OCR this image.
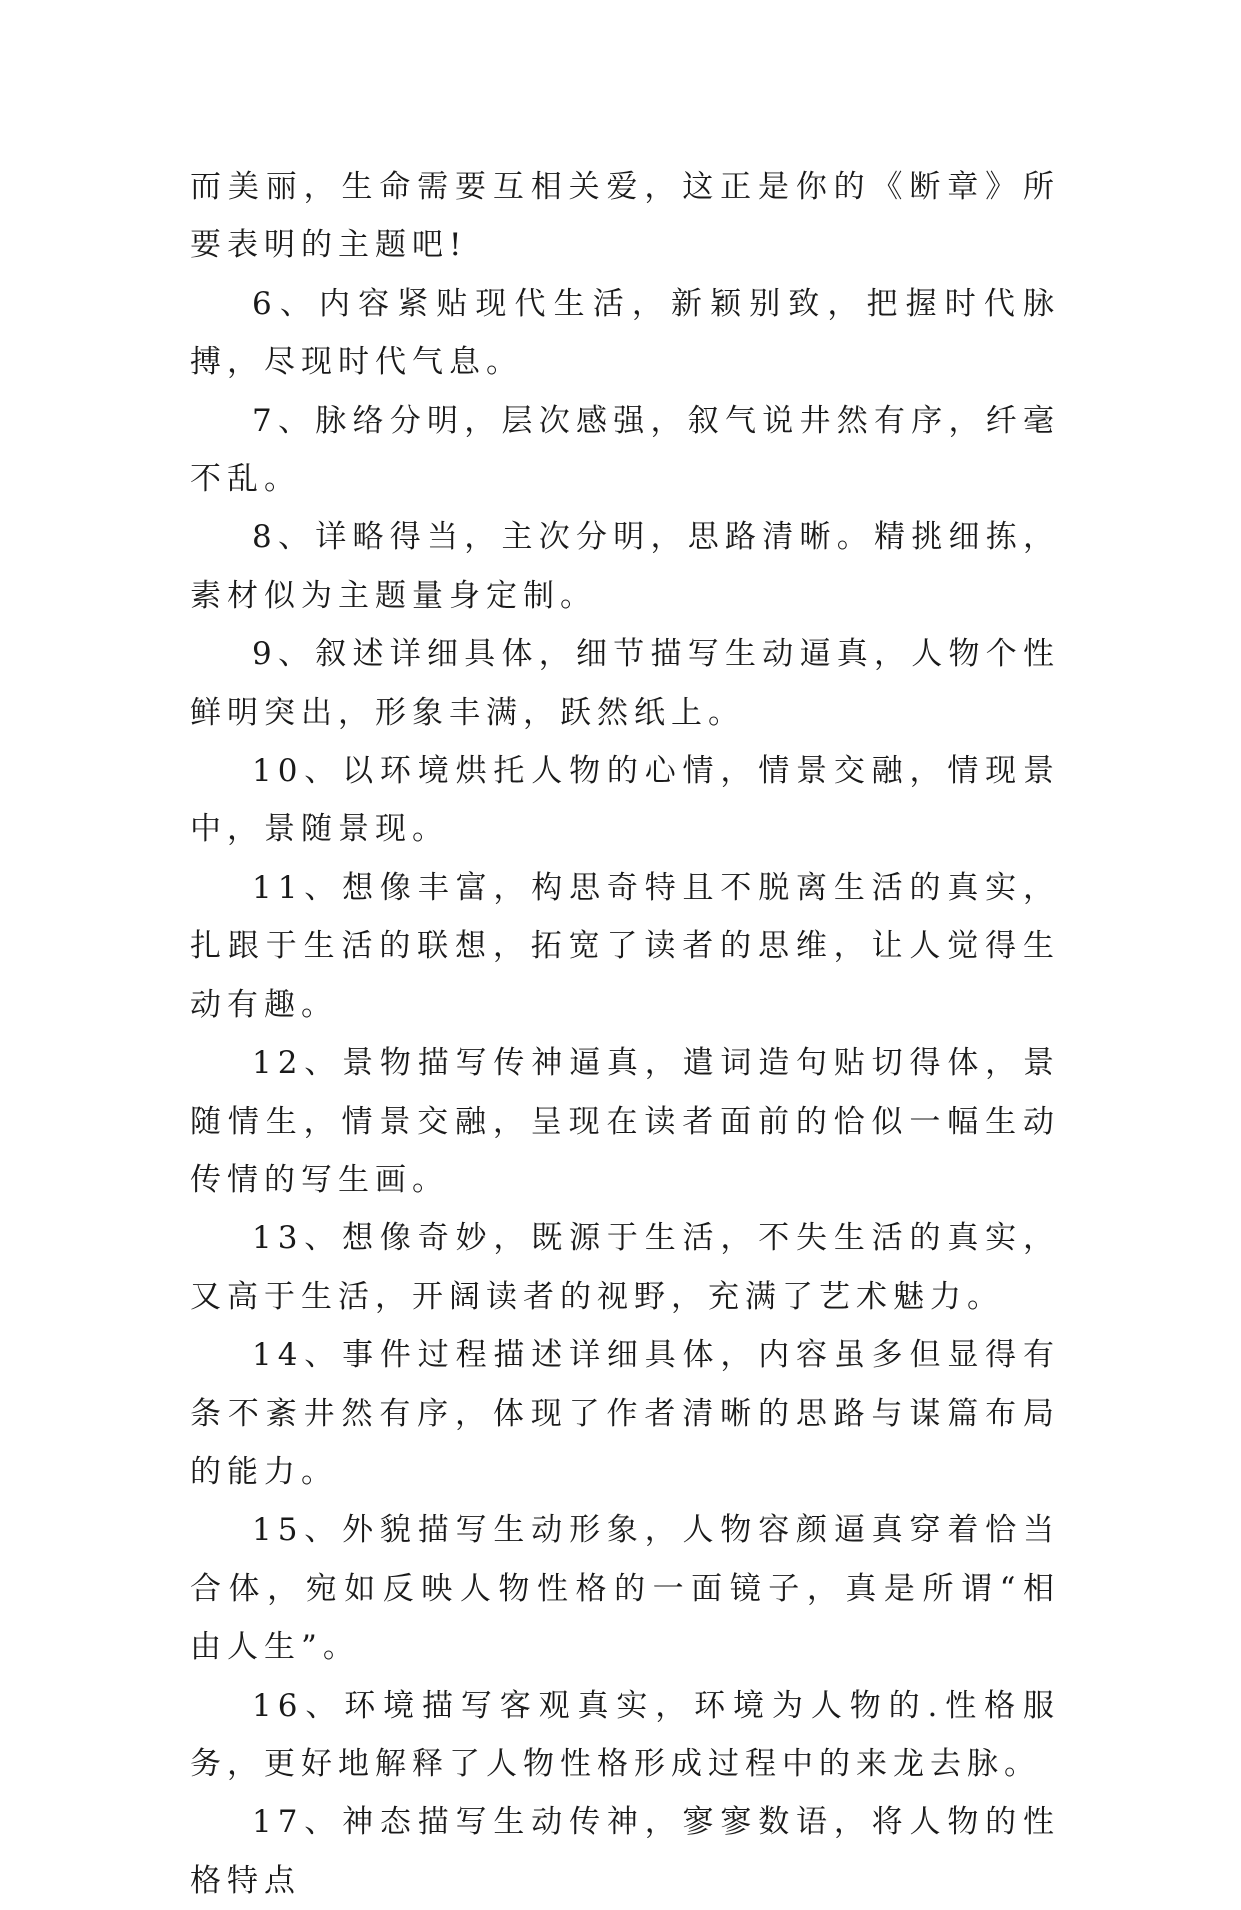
而美丽，生命需要互相关爱，这正是你的《断章》所要表明的主题吧!

6、内容紧贴现代生活，新颖别致，把握时代脉搏，尽现时代气息。

7、脉络分明，层次感强，叙气说井然有序，纤毫不乱。

8、详略得当，主次分明，思路清晰。精挑细拣，素材似为主题量身定制。

9、叙述详细具体，细节描写生动逼真，人物个性鲜明突出，形象丰满，跃然纸上。

10、以环境烘托人物的心情，情景交融，情现景中，景随景现。

11、想像丰富，构思奇特且不脱离生活的真实，扎跟于生活的联想，拓宽了读者的思维，让人觉得生动有趣。

12、景物描写传神逼真，遣词造句贴切得体，景随情生，情景交融，呈现在读者面前的恰似一幅生动传情的写生画。

13、想像奇妙，既源于生活，不失生活的真实，又高于生活，开阔读者的视野，充满了艺术魅力。

14、事件过程描述详细具体，内容虽多但显得有条不紊井然有序，体现了作者清晰的思路与谋篇布局的能力。

15、外貌描写生动形象，人物容颜逼真穿着恰当合体，宛如反映人物性格的一面镜子，真是所谓“相由人生”。

16、环境描写客观真实，环境为人物的.性格服务，更好地解释了人物性格形成过程中的来龙去脉。

17、神态描写生动传神，寥寥数语，将人物的性格特点
